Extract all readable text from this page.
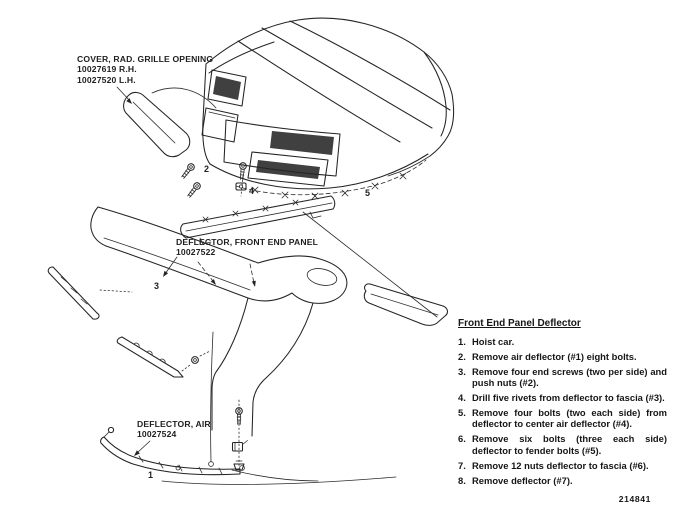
COVER, RAD. GRILLE OPENING
10027619 R.H.
10027520 L.H.
DEFLECTOR, FRONT END PANEL
10027522
DEFLECTOR, AIR
10027524
1
2
3
4	5
Front End Panel Deflector
1. Hoist car.
2. Remove air deflector (#1) eight bolts.
3. Remove four end screws (two per side) and push nuts (#2).
4. Drill five rivets from deflector to fascia (#3).
5. Remove four bolts (two each side) from deflector to center air deflector (#4).
6. Remove six bolts (three each side) deflector to fender bolts (#5).
7. Remove 12 nuts deflector to fascia (#6).
8. Remove deflector (#7).
214841
